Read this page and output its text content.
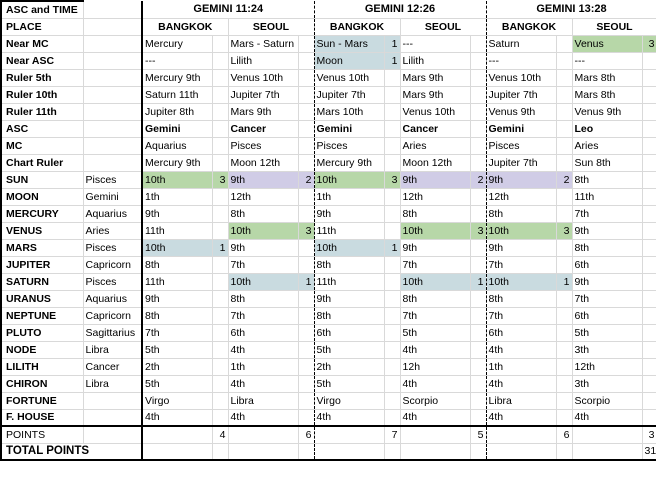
ASC and TIME		GEMINI 11:24				GEMINI 12:26				GEMINI 13:28			
PLACE		BANGKOK		SEOUL		BANGKOK		SEOUL		BANGKOK		SEOUL	
Near MC		Mercury		Mars - Saturn		Sun - Mars	1	---		Saturn		Venus	3
Near ASC		---		Lilith		Moon	1	Lilith		---		---	
Ruler 5th		Mercury 9th		Venus 10th		Venus 10th		Mars 9th		Venus 10th		Mars 8th	
Ruler 10th		Saturn 11th		Jupiter 7th		Jupiter 7th		Mars 9th		Jupiter 7th		Mars 8th	
Ruler 11th		Jupiter 8th		Mars 9th		Mars 10th		Venus 10th		Venus 9th		Venus 9th	
ASC		Gemini		Cancer		Gemini		Cancer		Gemini		Leo	
MC		Aquarius		Pisces		Pisces		Aries		Pisces		Aries	
Chart Ruler		Mercury 9th		Moon 12th		Mercury 9th		Moon 12th		Jupiter 7th		Sun 8th	
SUN	Pisces	10th	3	9th	2	10th	3	9th	2	9th	2	8th	
MOON	Gemini	1th		12th		1th		12th		12th		11th	
MERCURY	Aquarius	9th		8th		9th		8th		8th		7th	
VENUS	Aries	11th		10th	3	11th		10th	3	10th	3	9th	
MARS	Pisces	10th	1	9th		10th	1	9th		9th		8th	
JUPITER	Capricorn	8th		7th		8th		7th		7th		6th	
SATURN	Pisces	11th		10th	1	11th		10th	1	10th	1	9th	
URANUS	Aquarius	9th		8th		9th		8th		8th		7th	
NEPTUNE	Capricorn	8th		7th		8th		7th		7th		6th	
PLUTO	Sagittarius	7th		6th		6th		5th		6th		5th	
NODE	Libra	5th		4th		5th		4th		4th		3th	
LILITH	Cancer	2th		1th		2th		12h		1th		12th	
CHIRON	Libra	5th		4th		5th		4th		4th		3th	
FORTUNE		Virgo		Libra		Virgo		Scorpio		Libra		Scorpio	
F. HOUSE		4th		4th		4th		4th		4th		4th	
POINTS			4		6		7		5		6		3
TOTAL POINTS													31
